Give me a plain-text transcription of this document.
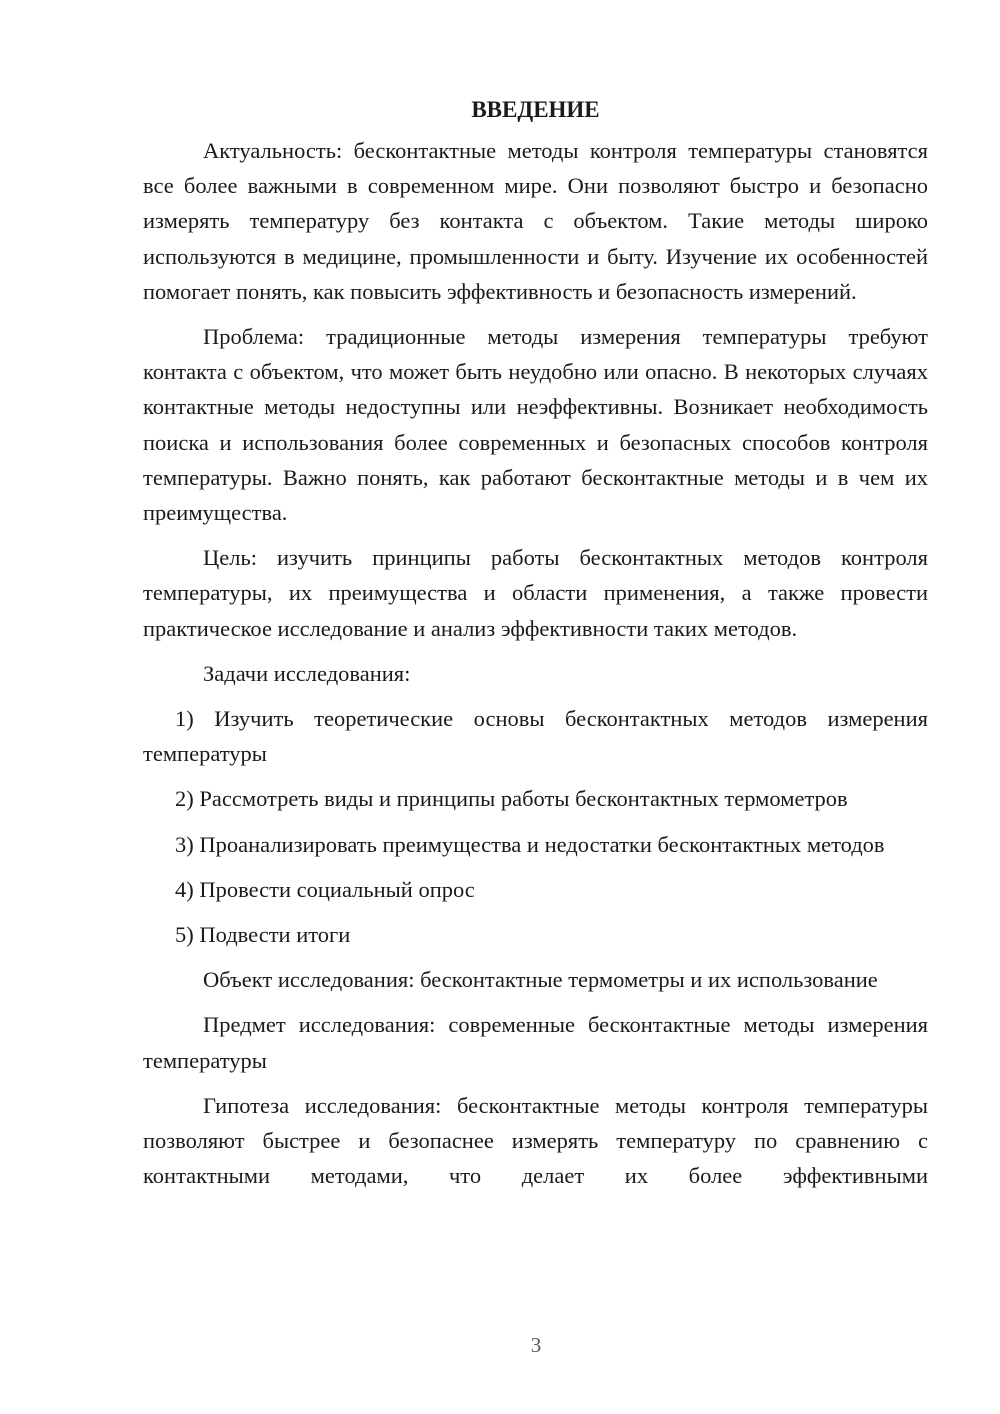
ВВЕДЕНИЕ

Актуальность: бесконтактные методы контроля температуры становятся все более важными в современном мире. Они позволяют быстро и безопасно измерять температуру без контакта с объектом. Такие методы широко используются в медицине, промышленности и быту. Изучение их особенностей помогает понять, как повысить эффективность и безопасность измерений.

Проблема: традиционные методы измерения температуры требуют контакта с объектом, что может быть неудобно или опасно. В некоторых случаях контактные методы недоступны или неэффективны. Возникает необходимость поиска и использования более современных и безопасных способов контроля температуры. Важно понять, как работают бесконтактные методы и в чем их преимущества.

Цель: изучить принципы работы бесконтактных методов контроля температуры, их преимущества и области применения, а также провести практическое исследование и анализ эффективности таких методов.

Задачи исследования:

1) Изучить теоретические основы бесконтактных методов измерения температуры

2) Рассмотреть виды и принципы работы бесконтактных термометров

3) Проанализировать преимущества и недостатки бесконтактных методов

4) Провести социальный опрос

5) Подвести итоги

Объект исследования: бесконтактные термометры и их использование

Предмет исследования: современные бесконтактные методы измерения температуры

Гипотеза исследования: бесконтактные методы контроля температуры позволяют быстрее и безопаснее измерять температуру по сравнению с контактными методами, что делает их более эффективными

3
